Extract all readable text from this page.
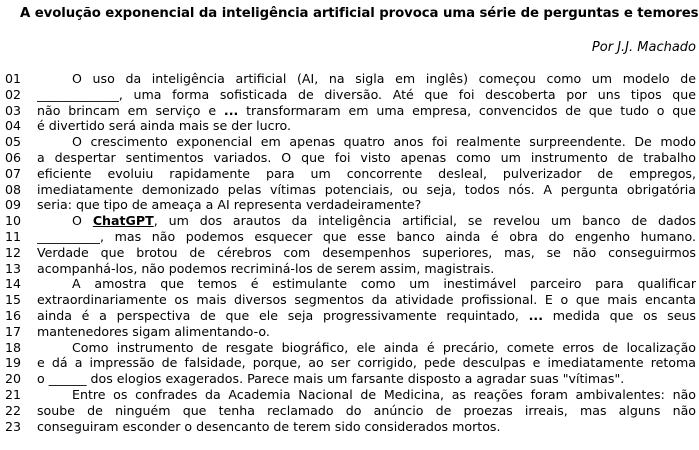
A evolução exponencial da inteligência artificial provoca uma série de perguntas e temores
Por J.J. Machado
01	O uso da inteligência artificial (AI, na sigla em inglês) começou como um modelo de
02	_____________, uma forma sofisticada de diversão. Até que foi descoberta por uns tipos que
03	não brincam em serviço e ... transformaram em uma empresa, convencidos de que tudo o que
04	é divertido será ainda mais se der lucro.
05	O crescimento exponencial em apenas quatro anos foi realmente surpreendente. De modo
06	a despertar sentimentos variados. O que foi visto apenas como um instrumento de trabalho
07	eficiente evoluiu rapidamente para um concorrente desleal, pulverizador de empregos,
08	imediatamente demonizado pelas vítimas potenciais, ou seja, todos nós. A pergunta obrigatória
09	seria: que tipo de ameaça a AI representa verdadeiramente?
10	O ChatGPT, um dos arautos da inteligência artificial, se revelou um banco de dados
11	__________, mas não podemos esquecer que esse banco ainda é obra do engenho humano.
12	Verdade que brotou de cérebros com desempenhos superiores, mas, se não conseguirmos
13	acompanhá-los, não podemos recriminá-los de serem assim, magistrais.
14	A amostra que temos é estimulante como um inestimável parceiro para qualificar
15	extraordinariamente os mais diversos segmentos da atividade profissional. E o que mais encanta
16	ainda é a perspectiva de que ele seja progressivamente requintado, ... medida que os seus
17	mantenedores sigam alimentando-o.
18	Como instrumento de resgate biográfico, ele ainda é precário, comete erros de localização
19	e dá a impressão de falsidade, porque, ao ser corrigido, pede desculpas e imediatamente retoma
20	o ______ dos elogios exagerados. Parece mais um farsante disposto a agradar suas "vítimas".
21	Entre os confrades da Academia Nacional de Medicina, as reações foram ambivalentes: não
22	soube de ninguém que tenha reclamado do anúncio de proezas irreais, mas alguns não
23	conseguiram esconder o desencanto de terem sido considerados mortos.
